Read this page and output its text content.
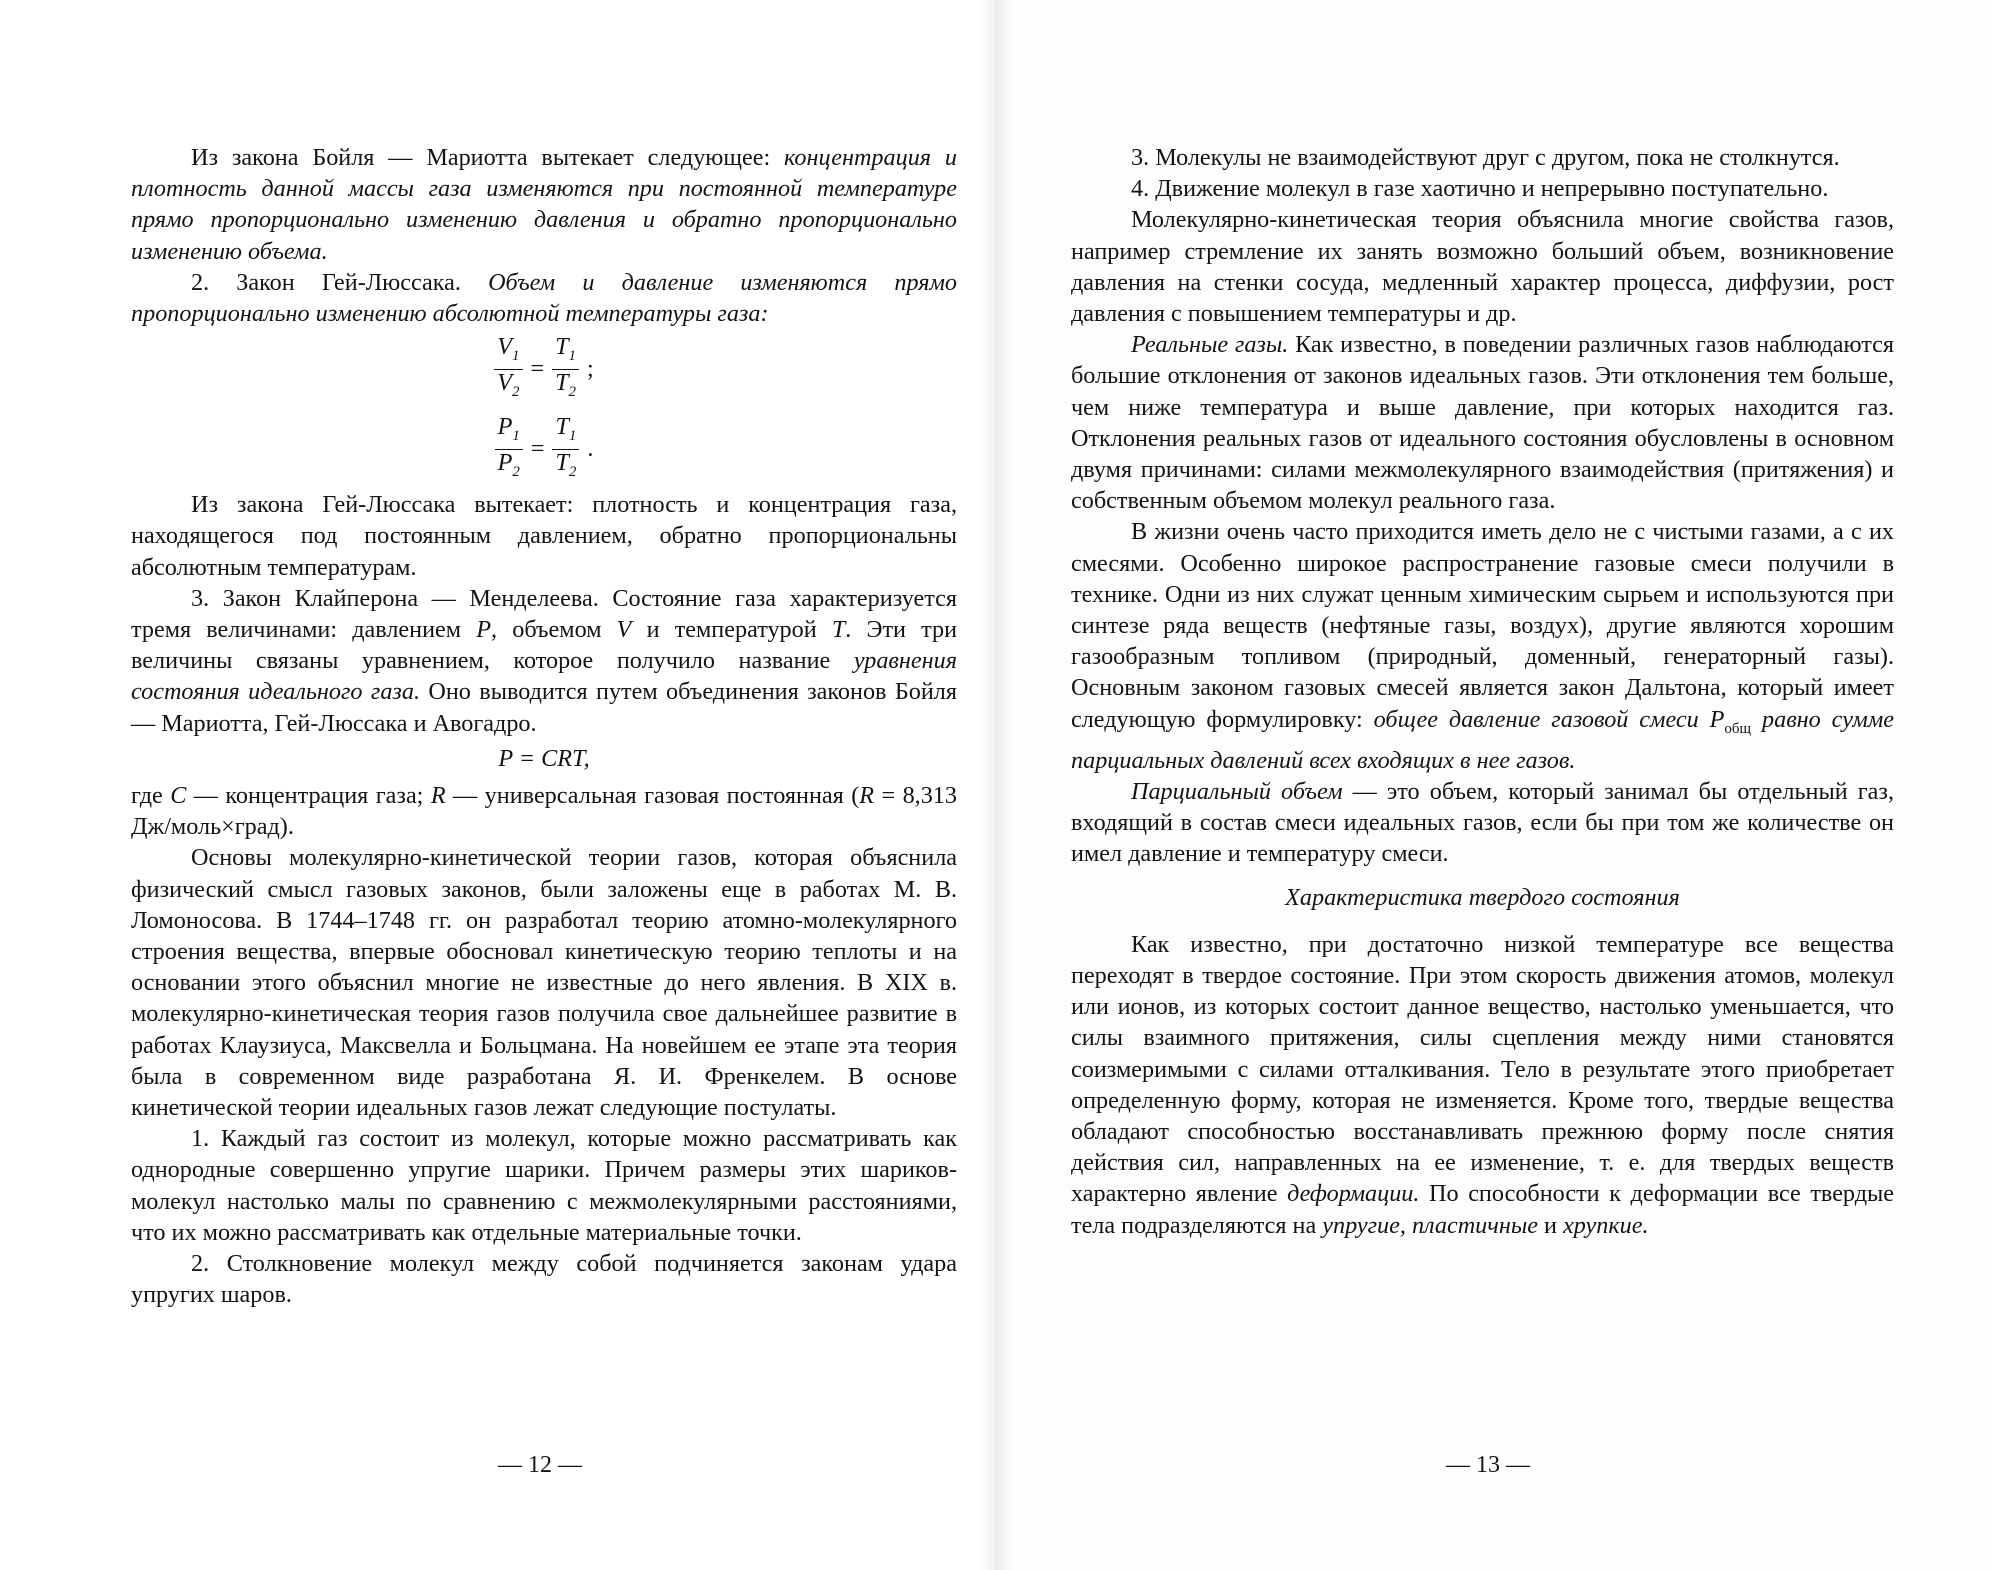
Из закона Бойля — Мариотта вытекает следующее: концентрация и плотность данной массы газа изменяются при постоянной температуре прямо пропорционально изменению давления и обратно пропорционально изменению объема.

2. Закон Гей-Люссака. Объем и давление изменяются прямо пропорционально изменению абсолютной температуры газа:

$\frac{V_1}{V_2} = \frac{T_1}{T_2}$ ;
$\frac{P_1}{P_2} = \frac{T_1}{T_2}$ .

Из закона Гей-Люссака вытекает: плотность и концентрация газа, находящегося под постоянным давлением, обратно пропорциональны абсолютным температурам.

3. Закон Клайперона — Менделеева. Состояние газа характеризуется тремя величинами: давлением P, объемом V и температурой T. Эти три величины связаны уравнением, которое получило название уравнения состояния идеального газа. Оно выводится путем объединения законов Бойля — Мариотта, Гей-Люссака и Авогадро.

P = CRT,

где C — концентрация газа; R — универсальная газовая постоянная (R = 8,313 Дж/моль×град).

Основы молекулярно-кинетической теории газов, которая объяснила физический смысл газовых законов, были заложены еще в работах М. В. Ломоносова. В 1744–1748 гг. он разработал теорию атомно-молекулярного строения вещества, впервые обосновал кинетическую теорию теплоты и на основании этого объяснил многие не известные до него явления. В XIX в. молекулярно-кинетическая теория газов получила свое дальнейшее развитие в работах Клаузиуса, Максвелла и Больцмана. На новейшем ее этапе эта теория была в современном виде разработана Я. И. Френкелем. В основе кинетической теории идеальных газов лежат следующие постулаты.

1. Каждый газ состоит из молекул, которые можно рассматривать как однородные совершенно упругие шарики. Причем размеры этих шариков-молекул настолько малы по сравнению с межмолекулярными расстояниями, что их можно рассматривать как отдельные материальные точки.

2. Столкновение молекул между собой подчиняется законам удара упругих шаров.

— 12 —

3. Молекулы не взаимодействуют друг с другом, пока не столкнутся.

4. Движение молекул в газе хаотично и непрерывно поступательно.

Молекулярно-кинетическая теория объяснила многие свойства газов, например стремление их занять возможно больший объем, возникновение давления на стенки сосуда, медленный характер процесса, диффузии, рост давления с повышением температуры и др.

Реальные газы. Как известно, в поведении различных газов наблюдаются большие отклонения от законов идеальных газов. Эти отклонения тем больше, чем ниже температура и выше давление, при которых находится газ. Отклонения реальных газов от идеального состояния обусловлены в основном двумя причинами: силами межмолекулярного взаимодействия (притяжения) и собственным объемом молекул реального газа.

В жизни очень часто приходится иметь дело не с чистыми газами, а с их смесями. Особенно широкое распространение газовые смеси получили в технике. Одни из них служат ценным химическим сырьем и используются при синтезе ряда веществ (нефтяные газы, воздух), другие являются хорошим газообразным топливом (природный, доменный, генераторный газы). Основным законом газовых смесей является закон Дальтона, который имеет следующую формулировку: общее давление газовой смеси $P_{общ}$ равно сумме парциальных давлений всех входящих в нее газов.

Парциальный объем — это объем, который занимал бы отдельный газ, входящий в состав смеси идеальных газов, если бы при том же количестве он имел давление и температуру смеси.

Характеристика твердого состояния

Как известно, при достаточно низкой температуре все вещества переходят в твердое состояние. При этом скорость движения атомов, молекул или ионов, из которых состоит данное вещество, настолько уменьшается, что силы взаимного притяжения, силы сцепления между ними становятся соизмеримыми с силами отталкивания. Тело в результате этого приобретает определенную форму, которая не изменяется. Кроме того, твердые вещества обладают способностью восстанавливать прежнюю форму после снятия действия сил, направленных на ее изменение, т. е. для твердых веществ характерно явление деформации. По способности к деформации все твердые тела подразделяются на упругие, пластичные и хрупкие.

— 13 —
